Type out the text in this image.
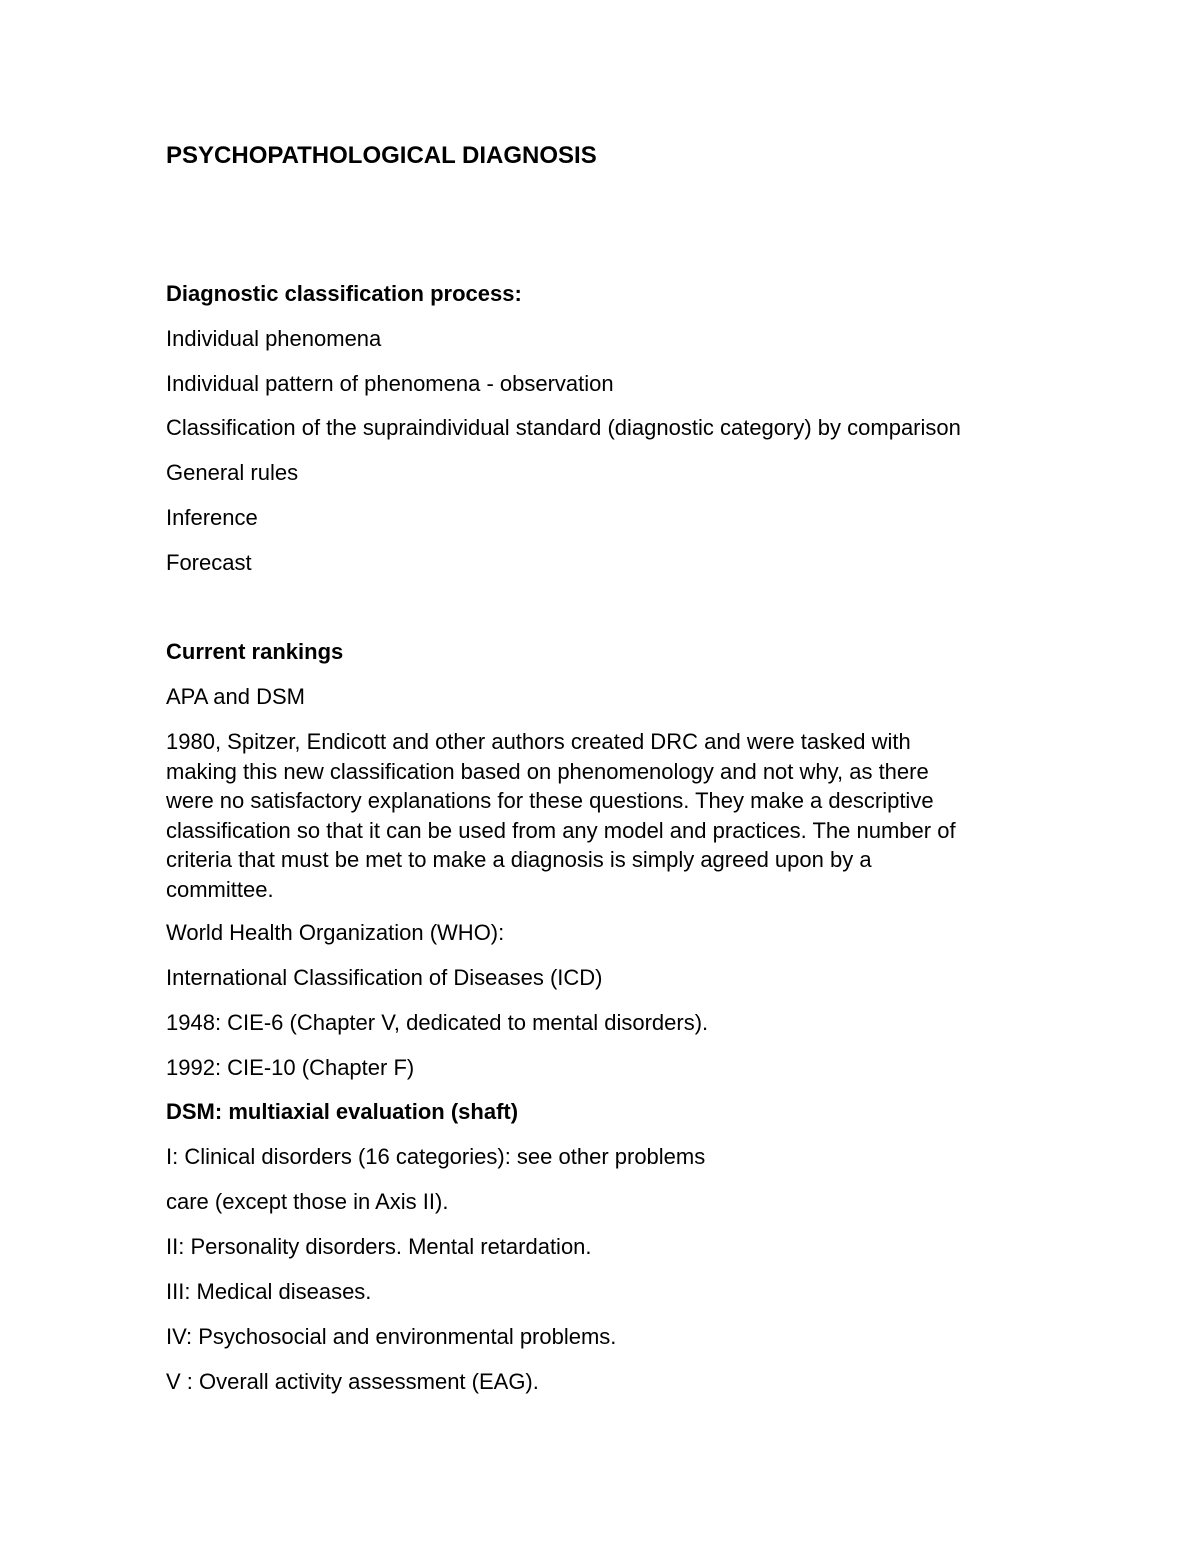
PSYCHOPATHOLOGICAL DIAGNOSIS

Diagnostic classification process:

Individual phenomena

Individual pattern of phenomena - observation

Classification of the supraindividual standard (diagnostic category) by comparison

General rules

Inference

Forecast

Current rankings

APA and DSM

1980, Spitzer, Endicott and other authors created DRC and were tasked with
making this new classification based on phenomenology and not why, as there
were no satisfactory explanations for these questions. They make a descriptive
classification so that it can be used from any model and practices. The number of
criteria that must be met to make a diagnosis is simply agreed upon by a
committee.

World Health Organization (WHO):

International Classification of Diseases (ICD)

1948: CIE-6 (Chapter V, dedicated to mental disorders).

1992: CIE-10 (Chapter F)

DSM: multiaxial evaluation (shaft)

I: Clinical disorders (16 categories): see other problems

care (except those in Axis II).

II: Personality disorders. Mental retardation.

III: Medical diseases.

IV: Psychosocial and environmental problems.

V : Overall activity assessment (EAG).
